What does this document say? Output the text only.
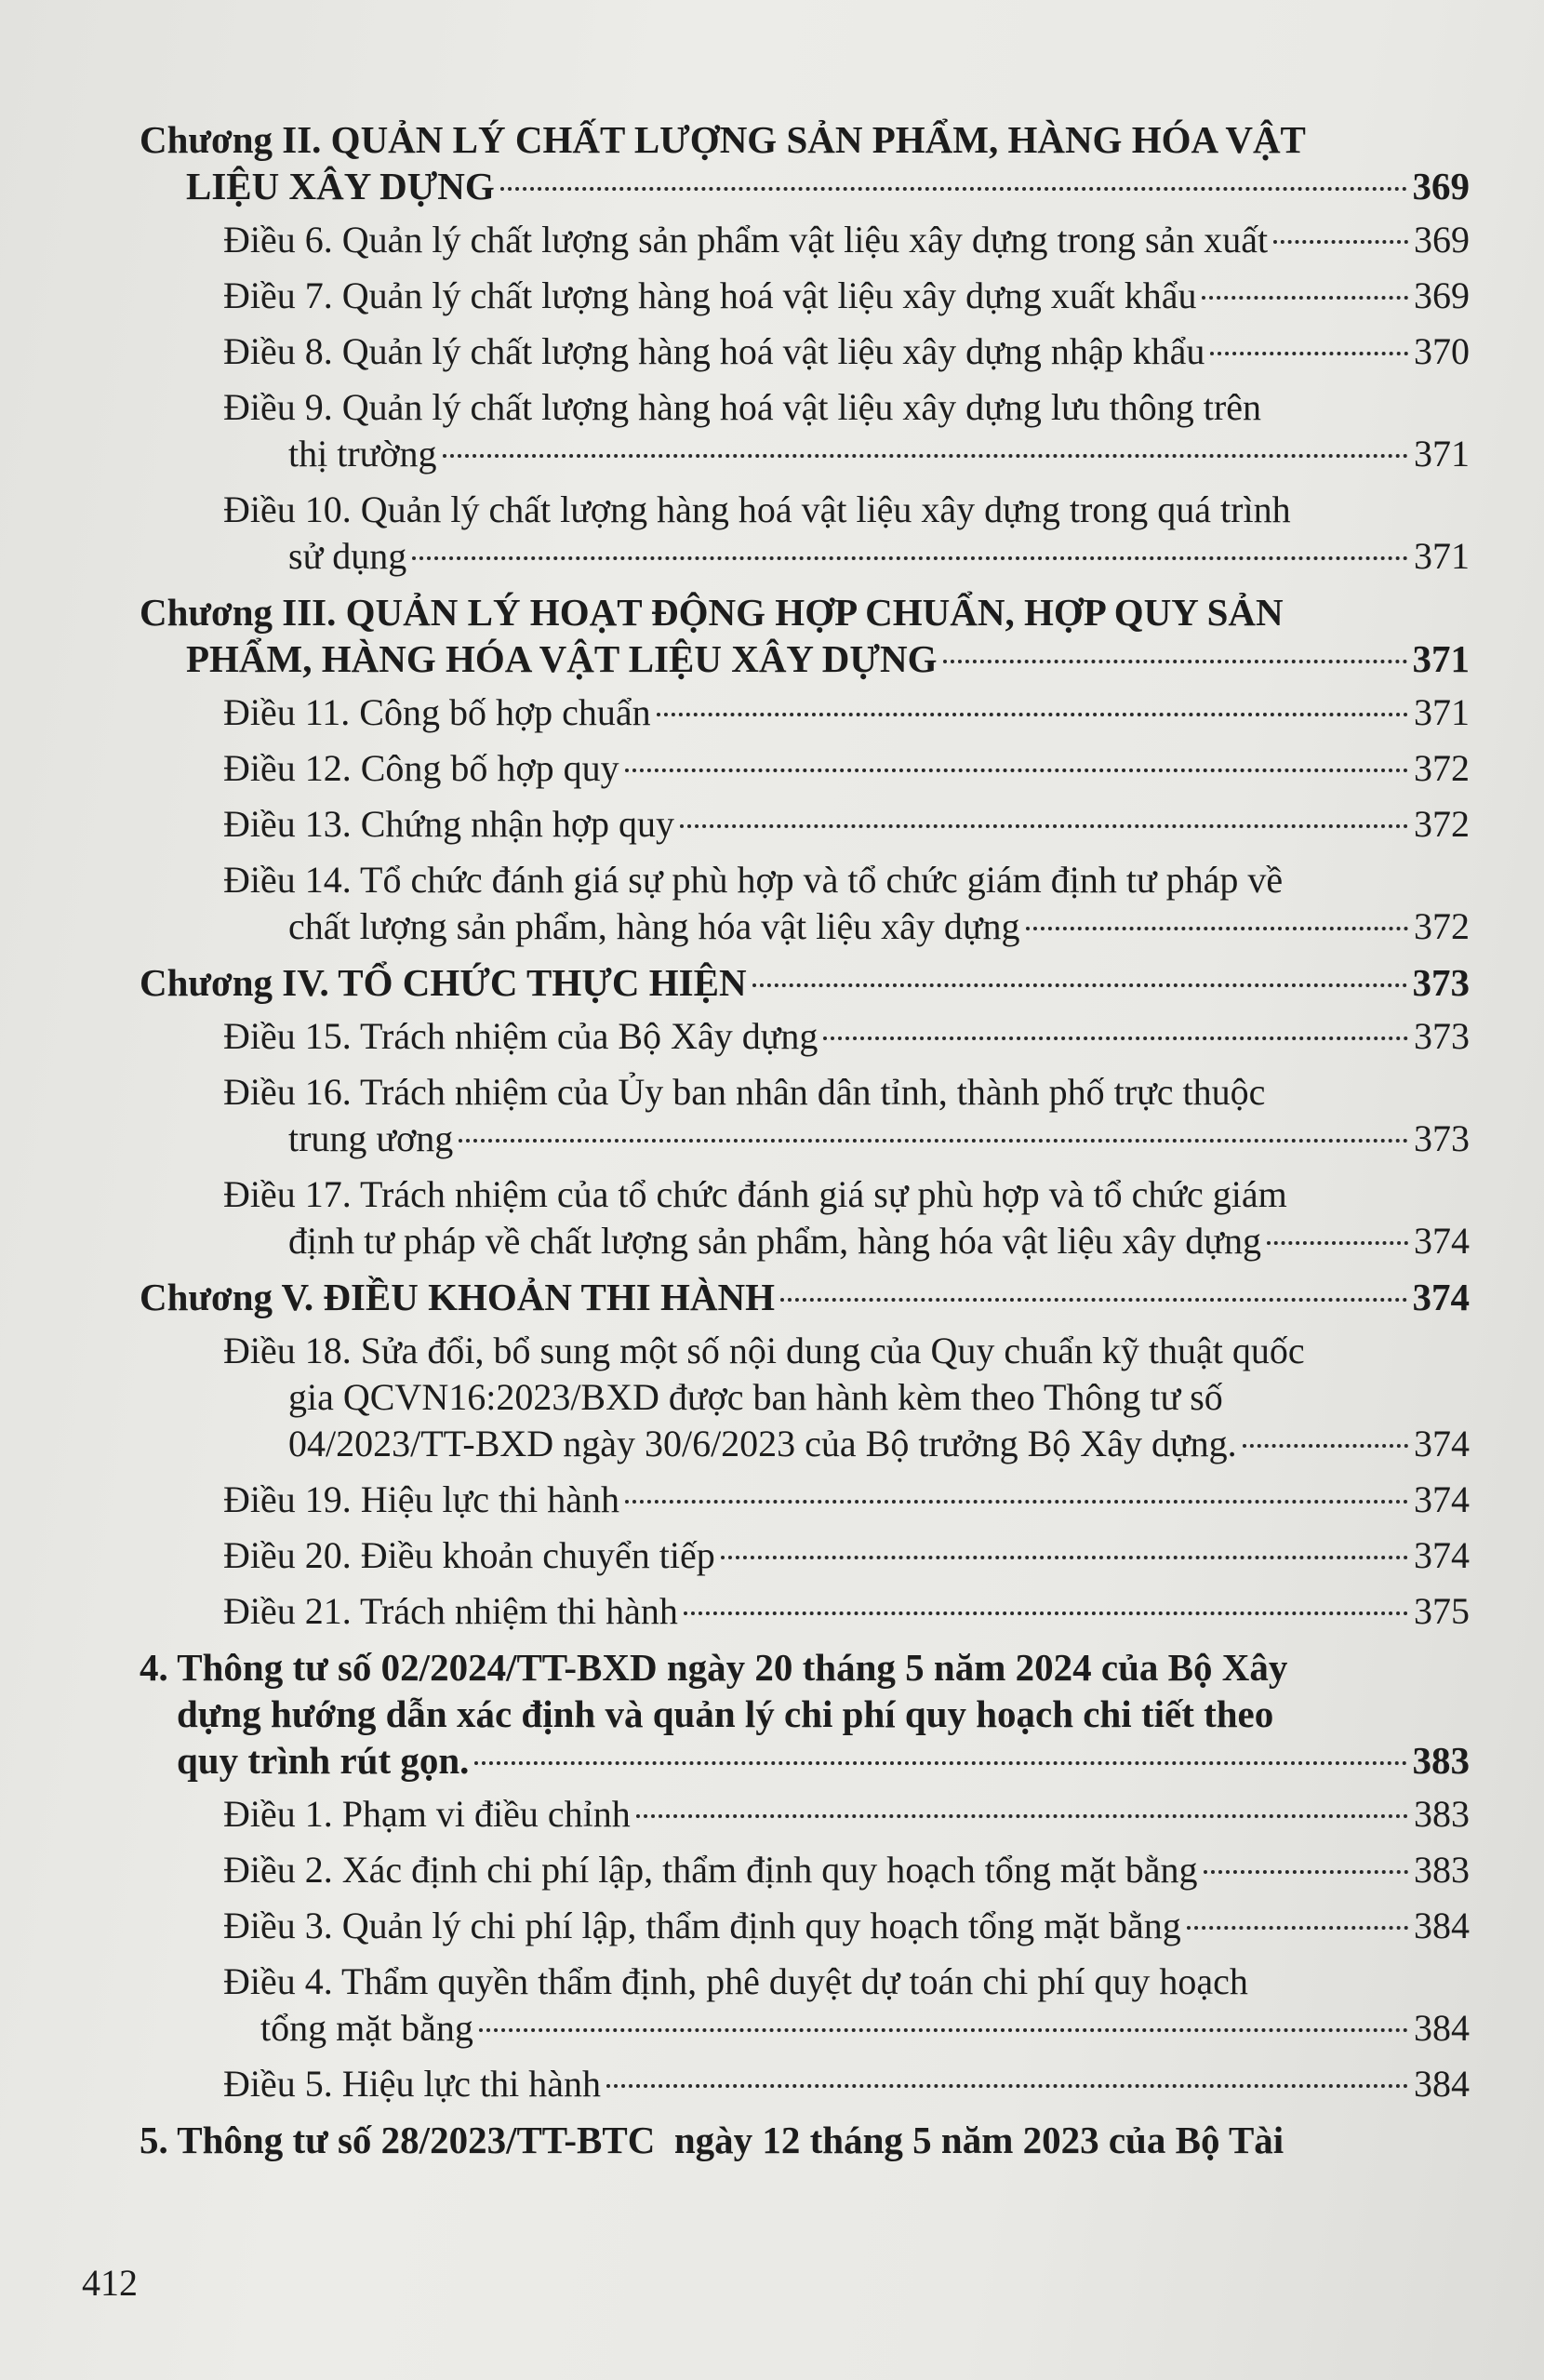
Chương II. QUẢN LÝ CHẤT LƯỢNG SẢN PHẨM, HÀNG HÓA VẬT
LIỆU XÂY DỰNG	369
Điều 6. Quản lý chất lượng sản phẩm vật liệu xây dựng trong sản xuất	369
Điều 7. Quản lý chất lượng hàng hoá vật liệu xây dựng xuất khẩu	369
Điều 8. Quản lý chất lượng hàng hoá vật liệu xây dựng nhập khẩu	370
Điều 9. Quản lý chất lượng hàng hoá vật liệu xây dựng lưu thông trên
thị trường	371
Điều 10. Quản lý chất lượng hàng hoá vật liệu xây dựng trong quá trình
sử dụng	371
Chương III. QUẢN LÝ HOẠT ĐỘNG HỢP CHUẨN, HỢP QUY SẢN
PHẨM, HÀNG HÓA VẬT LIỆU XÂY DỰNG	371
Điều 11. Công bố hợp chuẩn	371
Điều 12. Công bố hợp quy	372
Điều 13. Chứng nhận hợp quy	372
Điều 14. Tổ chức đánh giá sự phù hợp và tổ chức giám định tư pháp về
chất lượng sản phẩm, hàng hóa vật liệu xây dựng	372
Chương IV. TỔ CHỨC THỰC HIỆN	373
Điều 15. Trách nhiệm của Bộ Xây dựng	373
Điều 16. Trách nhiệm của Ủy ban nhân dân tỉnh, thành phố trực thuộc
trung ương	373
Điều 17. Trách nhiệm của tổ chức đánh giá sự phù hợp và tổ chức giám
định tư pháp về chất lượng sản phẩm, hàng hóa vật liệu xây dựng	374
Chương V. ĐIỀU KHOẢN THI HÀNH	374
Điều 18. Sửa đổi, bổ sung một số nội dung của Quy chuẩn kỹ thuật quốc
gia QCVN16:2023/BXD được ban hành kèm theo Thông tư số
04/2023/TT-BXD ngày 30/6/2023 của Bộ trưởng Bộ Xây dựng.	374
Điều 19. Hiệu lực thi hành	374
Điều 20. Điều khoản chuyển tiếp	374
Điều 21. Trách nhiệm thi hành	375
4. Thông tư số 02/2024/TT-BXD ngày 20 tháng 5 năm 2024 của Bộ Xây
dựng hướng dẫn xác định và quản lý chi phí quy hoạch chi tiết theo
quy trình rút gọn.	383
Điều 1. Phạm vi điều chỉnh	383
Điều 2. Xác định chi phí lập, thẩm định quy hoạch tổng mặt bằng	383
Điều 3. Quản lý chi phí lập, thẩm định quy hoạch tổng mặt bằng	384
Điều 4. Thẩm quyền thẩm định, phê duyệt dự toán chi phí quy hoạch
tổng mặt bằng	384
Điều 5. Hiệu lực thi hành	384
5. Thông tư số 28/2023/TT-BTC  ngày 12 tháng 5 năm 2023 của Bộ Tài
412
